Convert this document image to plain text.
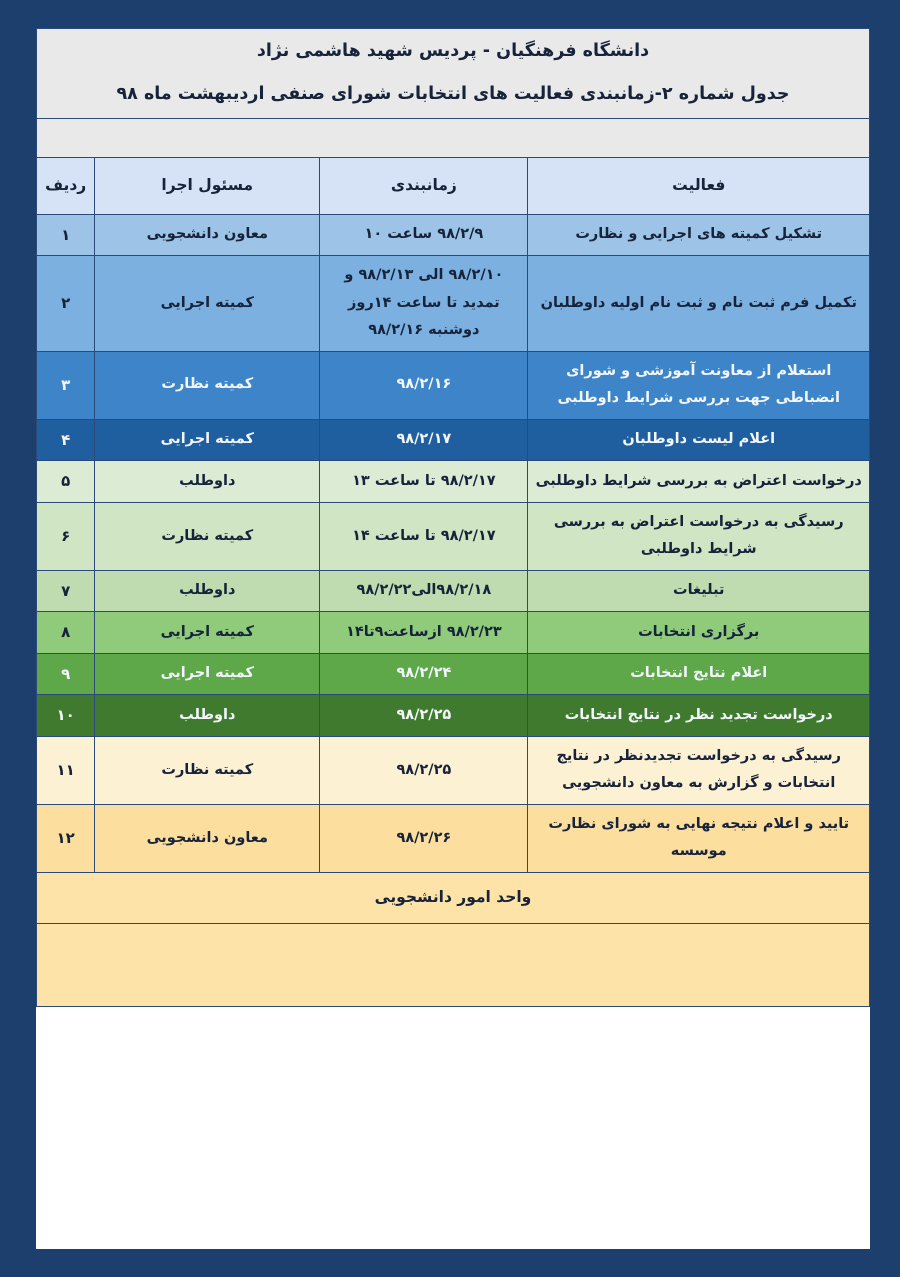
دانشگاه فرهنگیان - پردیس شهید هاشمی نژاد
جدول شماره ۲-زمانبندی فعالیت های انتخابات شورای صنفی اردیبهشت ماه ۹۸			

فعالیت	زمانبندی	مسئول اجرا	ردیف
تشکیل کمیته های اجرایی و نظارت	۹۸/۲/۹ ساعت ۱۰	معاون دانشجویی	۱
تکمیل فرم ثبت نام و ثبت نام اولیه داوطلبان	۹۸/۲/۱۰ الی ۹۸/۲/۱۳ و تمدید تا ساعت ۱۴روز دوشنبه ۹۸/۲/۱۶	کمیته اجرایی	۲
استعلام از معاونت آموزشی و شورای انضباطی جهت بررسی شرایط داوطلبی	۹۸/۲/۱۶	کمیته نظارت	۳
اعلام لیست داوطلبان	۹۸/۲/۱۷	کمیته اجرایی	۴
درخواست اعتراض به بررسی شرایط داوطلبی	۹۸/۲/۱۷ تا ساعت ۱۳	داوطلب	۵
رسیدگی به درخواست اعتراض به بررسی شرایط داوطلبی	۹۸/۲/۱۷ تا ساعت ۱۴	کمیته نظارت	۶
تبلیغات	۹۸/۲/۱۸الی۹۸/۲/۲۲	داوطلب	۷
برگزاری انتخابات	۹۸/۲/۲۳ ازساعت۹تا۱۴	کمیته اجرایی	۸
اعلام نتایج انتخابات	۹۸/۲/۲۴	کمیته اجرایی	۹
درخواست تجدید نظر در نتایج انتخابات	۹۸/۲/۲۵	داوطلب	۱۰
رسیدگی به درخواست تجدیدنظر در نتایج انتخابات و گزارش به معاون دانشجویی	۹۸/۲/۲۵	کمیته نظارت	۱۱
تایید و اعلام نتیجه نهایی به شورای نظارت موسسه	۹۸/۲/۲۶	معاون دانشجویی	۱۲
واحد امور دانشجویی			
